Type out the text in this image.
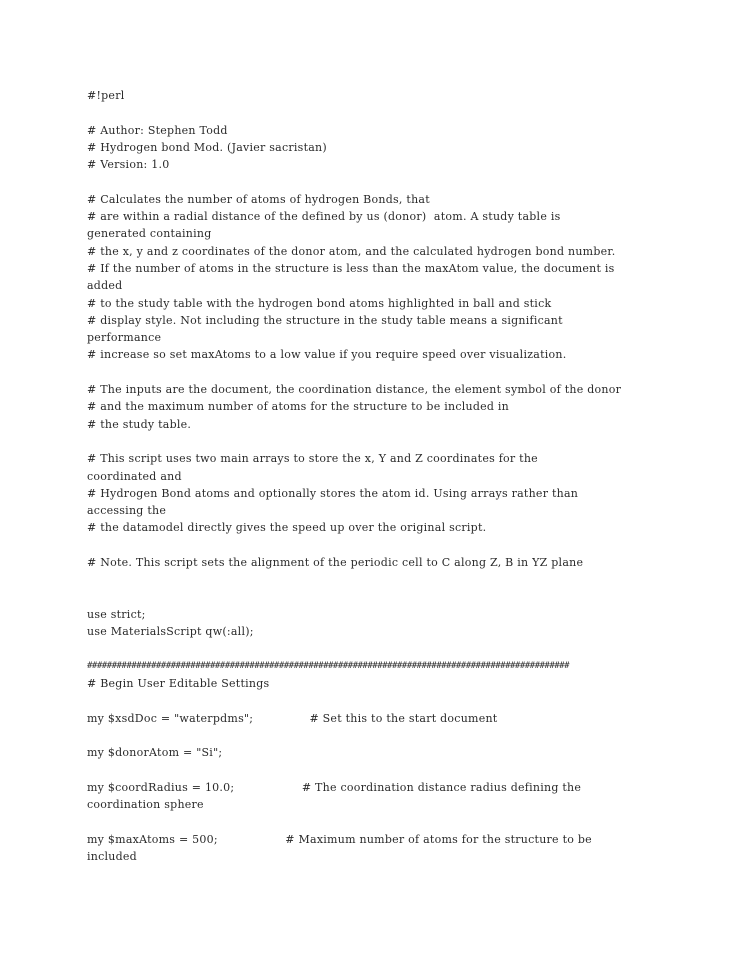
#!perl
# Author: Stephen Todd
# Hydrogen bond Mod. (Javier sacristan)
# Version: 1.0
# Calculates the number of atoms of hydrogen Bonds, that
# are within a radial distance of the defined by us (donor)  atom. A study table is
generated containing
# the x, y and z coordinates of the donor atom, and the calculated hydrogen bond number.
# If the number of atoms in the structure is less than the maxAtom value, the document is
added
# to the study table with the hydrogen bond atoms highlighted in ball and stick
# display style. Not including the structure in the study table means a significant
performance
# increase so set maxAtoms to a low value if you require speed over visualization.
# The inputs are the document, the coordination distance, the element symbol of the donor
# and the maximum number of atoms for the structure to be included in
# the study table.
# This script uses two main arrays to store the x, Y and Z coordinates for the
coordinated and
# Hydrogen Bond atoms and optionally stores the atom id. Using arrays rather than
accessing the
# the datamodel directly gives the speed up over the original script.
# Note. This script sets the alignment of the periodic cell to C along Z, B in YZ plane
use strict;
use MaterialsScript qw(:all);
##################################################################################################
# Begin User Editable Settings
my $xsdDoc = "waterpdms";               # Set this to the start document
my $donorAtom = "Si";
my $coordRadius = 10.0;                  # The coordination distance radius defining the
coordination sphere
my $maxAtoms = 500;                  # Maximum number of atoms for the structure to be
included
